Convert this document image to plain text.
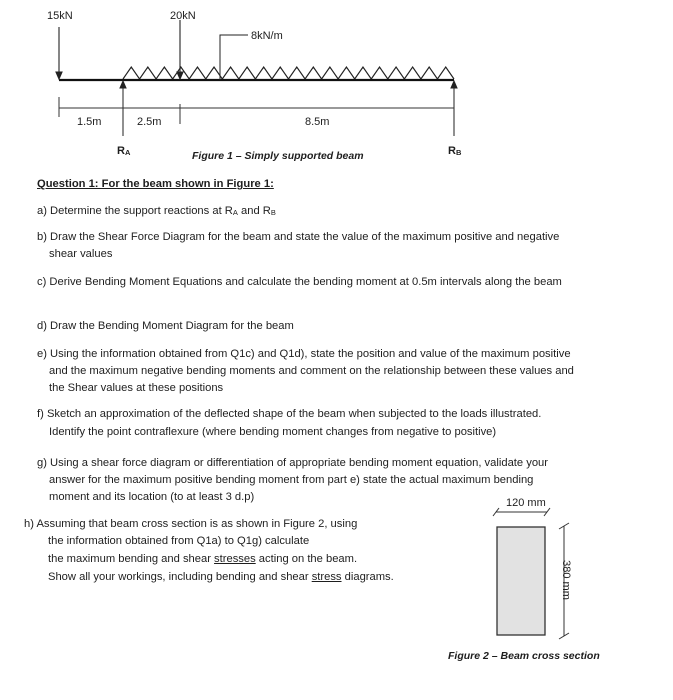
15kN	20kN
8kN/m
1.5m	2.5m	8.5m
$R_A$	$R_B$
Figure 1 – Simply supported beam
Question 1: For the beam shown in Figure 1:
a) Determine the support reactions at $R_A$ and $R_B$
b) Draw the Shear Force Diagram for the beam and state the value of the maximum positive and negative
shear values
c) Derive Bending Moment Equations and calculate the bending moment at 0.5m intervals along the beam
d) Draw the Bending Moment Diagram for the beam
e) Using the information obtained from Q1c) and Q1d), state the position and value of the maximum positive
and the maximum negative bending moments and comment on the relationship between these values and
the Shear values at these positions
f) Sketch an approximation of the deflected shape of the beam when subjected to the loads illustrated.
Identify the point contraflexure (where bending moment changes from negative to positive)
g) Using a shear force diagram or differentiation of appropriate bending moment equation, validate your
answer for the maximum positive bending moment from part e) state the actual maximum bending
moment and its location (to at least 3 d.p)
h) Assuming that beam cross section is as shown in Figure 2, using
the information obtained from Q1a) to Q1g) calculate
the maximum bending and shear stresses acting on the beam.
Show all your workings, including bending and shear stress diagrams.
120 mm
380 mm
Figure 2 – Beam cross section
